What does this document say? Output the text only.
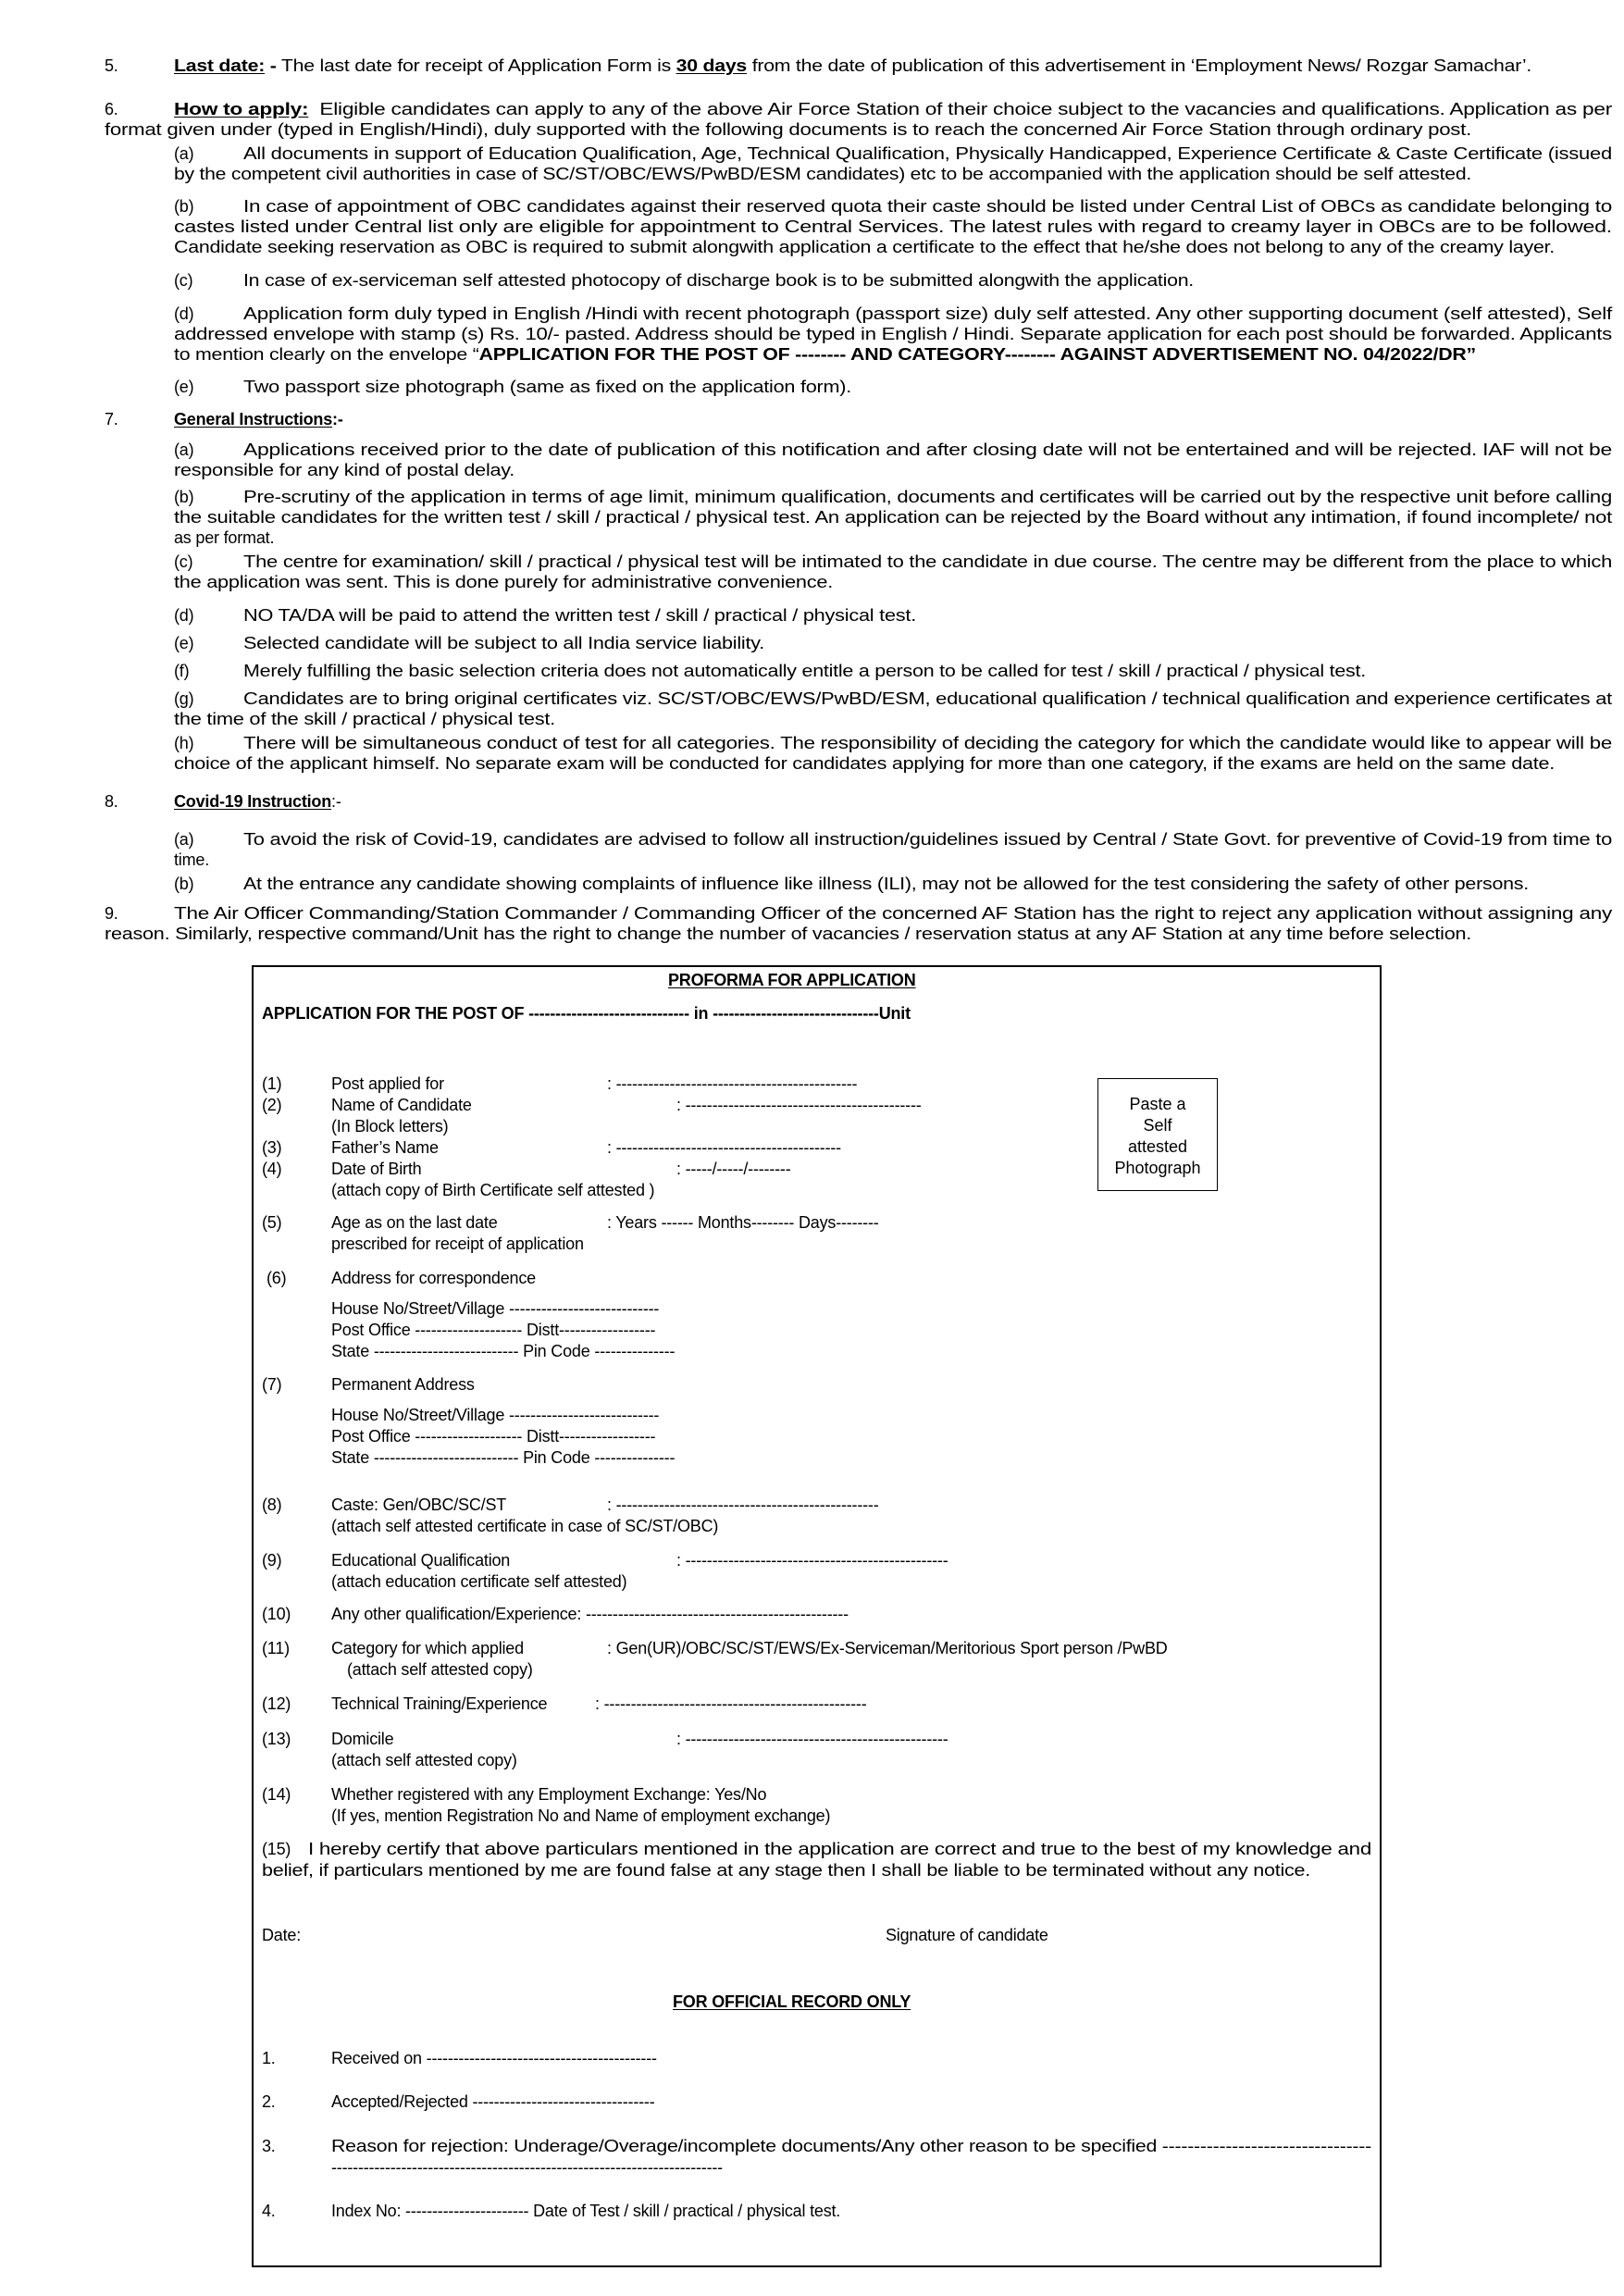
5.	Last date: - The last date for receipt of Application Form is 30 days from the date of publication of this advertisement in ‘Employment News/ Rozgar Samachar’.
6.	How to apply: Eligible candidates can apply to any of the above Air Force Station of their choice subject to the vacancies and qualifications. Application as per
format given under (typed in English/Hindi), duly supported with the following documents is to reach the concerned Air Force Station through ordinary post.
(a)	All documents in support of Education Qualification, Age, Technical Qualification, Physically Handicapped, Experience Certificate & Caste Certificate (issued
by the competent civil authorities in case of SC/ST/OBC/EWS/PwBD/ESM candidates) etc to be accompanied with the application should be self attested.
(b)	In case of appointment of OBC candidates against their reserved quota their caste should be listed under Central List of OBCs as candidate belonging to
castes listed under Central list only are eligible for appointment to Central Services. The latest rules with regard to creamy layer in OBCs are to be followed.
Candidate seeking reservation as OBC is required to submit alongwith application a certificate to the effect that he/she does not belong to any of the creamy layer.
(c)	In case of ex-serviceman self attested photocopy of discharge book is to be submitted alongwith the application.
(d)	Application form duly typed in English /Hindi with recent photograph (passport size) duly self attested. Any other supporting document (self attested), Self
addressed envelope with stamp (s) Rs. 10/- pasted. Address should be typed in English / Hindi. Separate application for each post should be forwarded. Applicants
to mention clearly on the envelope “APPLICATION FOR THE POST OF -------- AND CATEGORY-------- AGAINST ADVERTISEMENT NO. 04/2022/DR”
(e)	Two passport size photograph (same as fixed on the application form).
7.	General Instructions:-
(a)	Applications received prior to the date of publication of this notification and after closing date will not be entertained and will be rejected. IAF will not be
responsible for any kind of postal delay.
(b)	Pre-scrutiny of the application in terms of age limit, minimum qualification, documents and certificates will be carried out by the respective unit before calling
the suitable candidates for the written test / skill / practical / physical test. An application can be rejected by the Board without any intimation, if found incomplete/ not
as per format.
(c)	The centre for examination/ skill / practical / physical test will be intimated to the candidate in due course. The centre may be different from the place to which
the application was sent. This is done purely for administrative convenience.
(d)	NO TA/DA will be paid to attend the written test / skill / practical / physical test.
(e)	Selected candidate will be subject to all India service liability.
(f)	Merely fulfilling the basic selection criteria does not automatically entitle a person to be called for test / skill / practical / physical test.
(g)	Candidates are to bring original certificates viz. SC/ST/OBC/EWS/PwBD/ESM, educational qualification / technical qualification and experience certificates at
the time of the skill / practical / physical test.
(h)	There will be simultaneous conduct of test for all categories. The responsibility of deciding the category for which the candidate would like to appear will be
choice of the applicant himself. No separate exam will be conducted for candidates applying for more than one category, if the exams are held on the same date.
8.	Covid-19 Instruction:-
(a)	To avoid the risk of Covid-19, candidates are advised to follow all instruction/guidelines issued by Central / State Govt. for preventive of Covid-19 from time to
time.
(b)	At the entrance any candidate showing complaints of influence like illness (ILI), may not be allowed for the test considering the safety of other persons.
9.	The Air Officer Commanding/Station Commander / Commanding Officer of the concerned AF Station has the right to reject any application without assigning any
reason. Similarly, respective command/Unit has the right to change the number of vacancies / reservation status at any AF Station at any time before selection.
PROFORMA FOR APPLICATION
APPLICATION FOR THE POST OF ------------------------------ in -------------------------------Unit
Paste a
Self
attested
Photograph
(1)	Post applied for	: ---------------------------------------------
(2)	Name of Candidate	: --------------------------------------------
(In Block letters)
(3)	Father’s Name	: ------------------------------------------
(4)	Date of Birth	: -----/-----/--------
(attach copy of Birth Certificate self attested )
(5)	Age as on the last date	: Years ------ Months-------- Days--------
prescribed for receipt of application
(6)	Address for correspondence
House No/Street/Village ----------------------------
Post Office -------------------- Distt------------------
State --------------------------- Pin Code ---------------
(7)	Permanent Address
House No/Street/Village ----------------------------
Post Office -------------------- Distt------------------
State --------------------------- Pin Code ---------------
(8)	Caste: Gen/OBC/SC/ST	: -------------------------------------------------
(attach self attested certificate in case of SC/ST/OBC)
(9)	Educational Qualification	: -------------------------------------------------
(attach education certificate self attested)
(10) Any other qualification/Experience: -------------------------------------------------
(11)	Category for which applied	: Gen(UR)/OBC/SC/ST/EWS/Ex-Serviceman/Meritorious Sport person /PwBD
(attach self attested copy)
(12) Technical Training/Experience	: -------------------------------------------------
(13) Domicile	: -------------------------------------------------
(attach self attested copy)
(14) Whether registered with any Employment Exchange: Yes/No
(If yes, mention Registration No and Name of employment exchange)
(15) I hereby certify that above particulars mentioned in the application are correct and true to the best of my knowledge and
belief, if particulars mentioned by me are found false at any stage then I shall be liable to be terminated without any notice.
Date:	Signature of candidate
FOR OFFICIAL RECORD ONLY
1.	Received on -------------------------------------------
2.	Accepted/Rejected ----------------------------------
3.	Reason for rejection: Underage/Overage/incomplete documents/Any other reason to be specified ---------------------------------
-------------------------------------------------------------------------
4.	Index No: ----------------------- Date of Test / skill / practical / physical test.
